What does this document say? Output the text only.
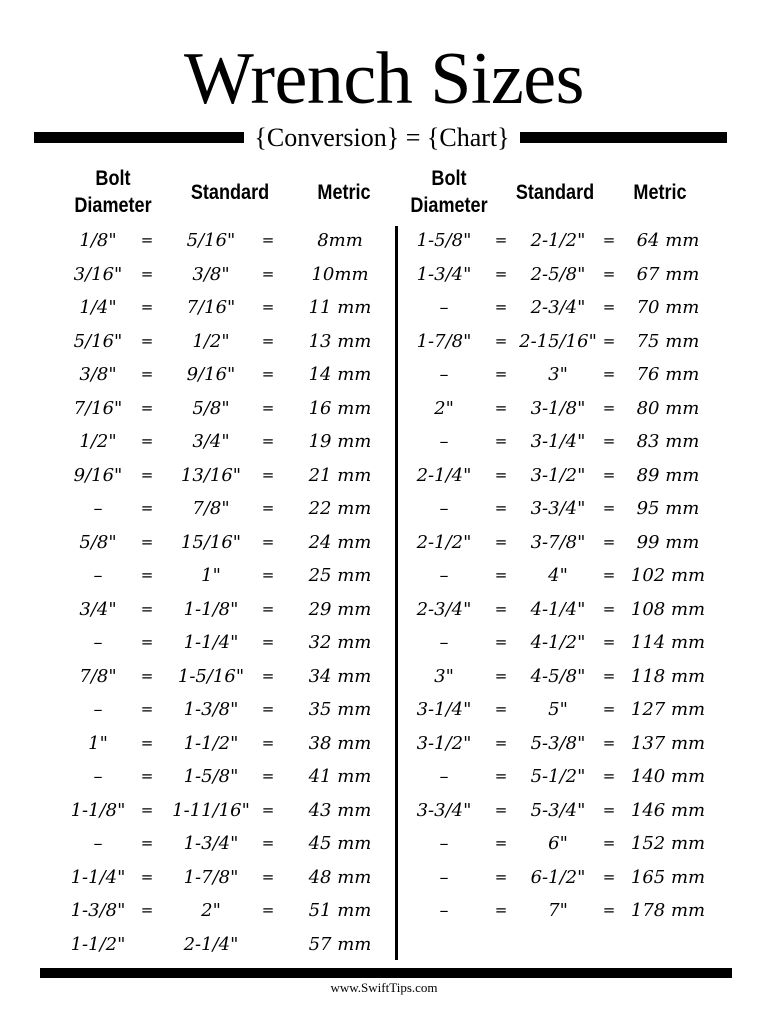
Wrench Sizes
{Conversion} = {Chart}
Bolt Diameter
Standard	Metric
Bolt Diameter
Standard	Metric
1/8"
3/16"
1/4"
5/16"
3/8"
7/16"
1/2"
9/16"
–
5/8"
–
3/4"
–
7/8"
–
1"
–
1-1/8"
–
1-1/4"
1-3/8"
1-1/2"
=
=
=
=
=
=
=
=
=
=
=
=
=
=
=
=
=
=
=
=
=
5/16"
3/8"
7/16"
1/2"
9/16"
5/8"
3/4"
13/16"
7/8"
15/16"
1"
1-1/8"
1-1/4"
1-5/16"
1-3/8"
1-1/2"
1-5/8"
1-11/16"
1-3/4"
1-7/8"
2"
2-1/4"
=
=
=
=
=
=
=
=
=
=
=
=
=
=
=
=
=
=
=
=
=
8mm
10mm
11 mm
13 mm
14 mm
16 mm
19 mm
21 mm
22 mm
24 mm
25 mm
29 mm
32 mm
34 mm
35 mm
38 mm
41 mm
43 mm
45 mm
48 mm
51 mm
57 mm
1-5/8"
1-3/4"
–
1-7/8"
–
2"
–
2-1/4"
–
2-1/2"
–
2-3/4"
–
3"
3-1/4"
3-1/2"
–
3-3/4"
–
–
–
=
=
=
=
=
=
=
=
=
=
=
=
=
=
=
=
=
=
=
=
=
2-1/2"
2-5/8"
2-3/4"
2-15/16"
3"
3-1/8"
3-1/4"
3-1/2"
3-3/4"
3-7/8"
4"
4-1/4"
4-1/2"
4-5/8"
5"
5-3/8"
5-1/2"
5-3/4"
6"
6-1/2"
7"
=
=
=
=
=
=
=
=
=
=
=
=
=
=
=
=
=
=
=
=
=
64 mm
67 mm
70 mm
75 mm
76 mm
80 mm
83 mm
89 mm
95 mm
99 mm
102 mm
108 mm
114 mm
118 mm
127 mm
137 mm
140 mm
146 mm
152 mm
165 mm
178 mm
www.SwiftTips.com
